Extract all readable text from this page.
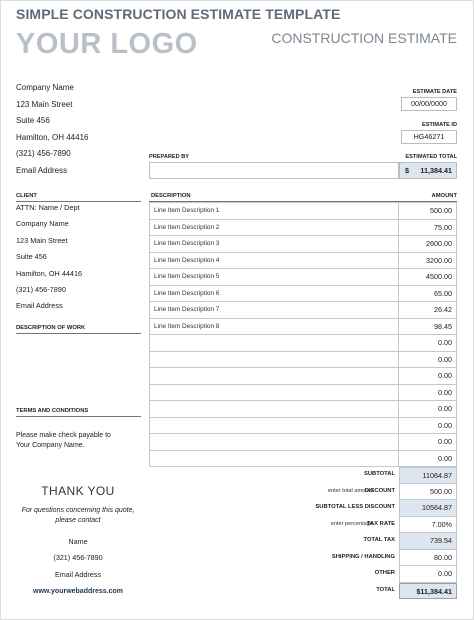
SIMPLE CONSTRUCTION ESTIMATE TEMPLATE
YOUR LOGO	CONSTRUCTION ESTIMATE
Company Name
123 Main Street
Suite 456
Hamilton, OH 44416
(321) 456-7890
Email Address
ESTIMATE DATE
00/00/0000
ESTIMATE ID
HG46271
PREPARED BY	ESTIMATED TOTAL
$ 11,384.41
CLIENT
ATTN: Name / Dept
Company Name
123 Main Street
Suite 456
Hamilton, OH 44416
(321) 456-7890
Email Address
DESCRIPTION OF WORK
TERMS AND CONDITIONS
Please make check payable to
Your Company Name.
DESCRIPTION	AMOUNT
Line Item Description 1	500.00
Line Item Description 2	75.00
Line Item Description 3	2600.00
Line Item Description 4	3200.00
Line Item Description 5	4500.00
Line Item Description 6	65.00
Line Item Description 7	26.42
Line Item Description 8	98.45
	0.00
	0.00
	0.00
	0.00
	0.00
	0.00
	0.00
	0.00
SUBTOTAL	11064.87
enter total amount
DISCOUNT	500.00
SUBTOTAL LESS DISCOUNT	10564.87
enter percentage
TAX RATE	7.00%
TOTAL TAX	739.54
SHIPPING / HANDLING	80.00
OTHER	0.00
TOTAL	$11,384.41
THANK YOU
For questions concerning this quote,
please contact
Name
(321) 456-7890
Email Address
www.yourwebaddress.com
